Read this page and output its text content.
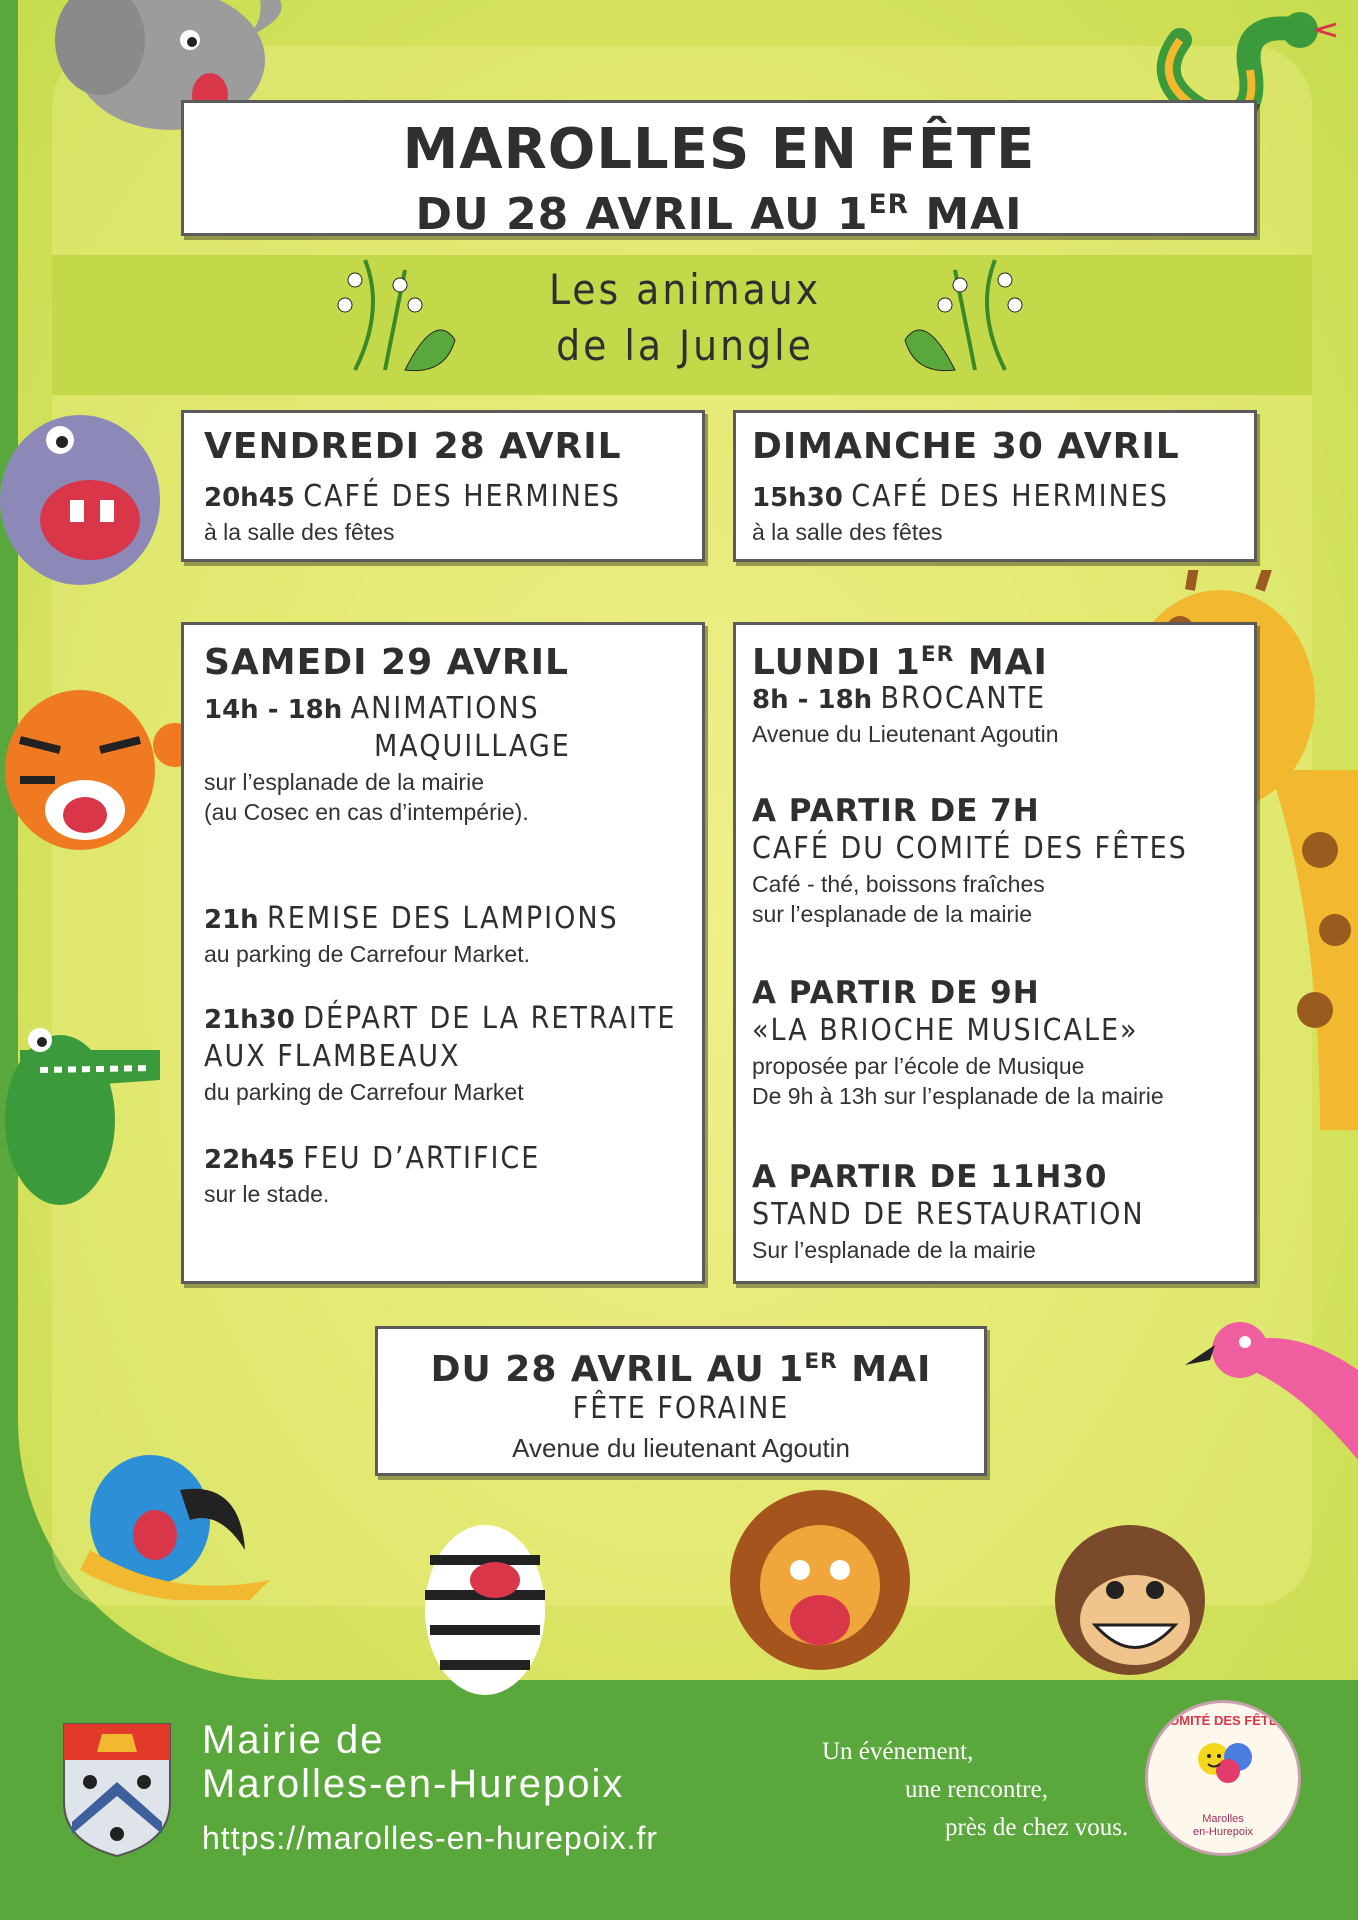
MAROLLES EN FÊTE
DU 28 AVRIL AU 1ER MAI
Les animaux
de la Jungle
VENDREDI 28 AVRIL
20h45 CAFÉ DES HERMINES
à la salle des fêtes
DIMANCHE 30 AVRIL
15h30 CAFÉ DES HERMINES
à la salle des fêtes
SAMEDI 29 AVRIL
14h - 18h ANIMATIONS
MAQUILLAGE
sur l’esplanade de la mairie
(au Cosec en cas d’intempérie).
21h REMISE DES LAMPIONS
au parking de Carrefour Market.
21h30 DÉPART DE LA RETRAITE
AUX FLAMBEAUX
du parking de Carrefour Market
22h45 FEU D’ARTIFICE
sur le stade.
LUNDI 1ER MAI
8h - 18h BROCANTE
Avenue du Lieutenant Agoutin
A PARTIR DE 7H
CAFÉ DU COMITÉ DES FÊTES
Café - thé, boissons fraîches
sur l’esplanade de la mairie
A PARTIR DE 9H
«LA BRIOCHE MUSICALE»
proposée par l’école de Musique
De 9h à 13h sur l’esplanade de la mairie
A PARTIR DE 11H30
STAND DE RESTAURATION
Sur l’esplanade de la mairie
DU 28 AVRIL AU 1ER MAI
FÊTE FORAINE
Avenue du lieutenant Agoutin
Mairie de
Marolles-en-Hurepoix
https://marolles-en-hurepoix.fr
Un événement,
une rencontre,
près de chez vous.
COMITÉ DES FÊTES
Marolles
en-Hurepoix
